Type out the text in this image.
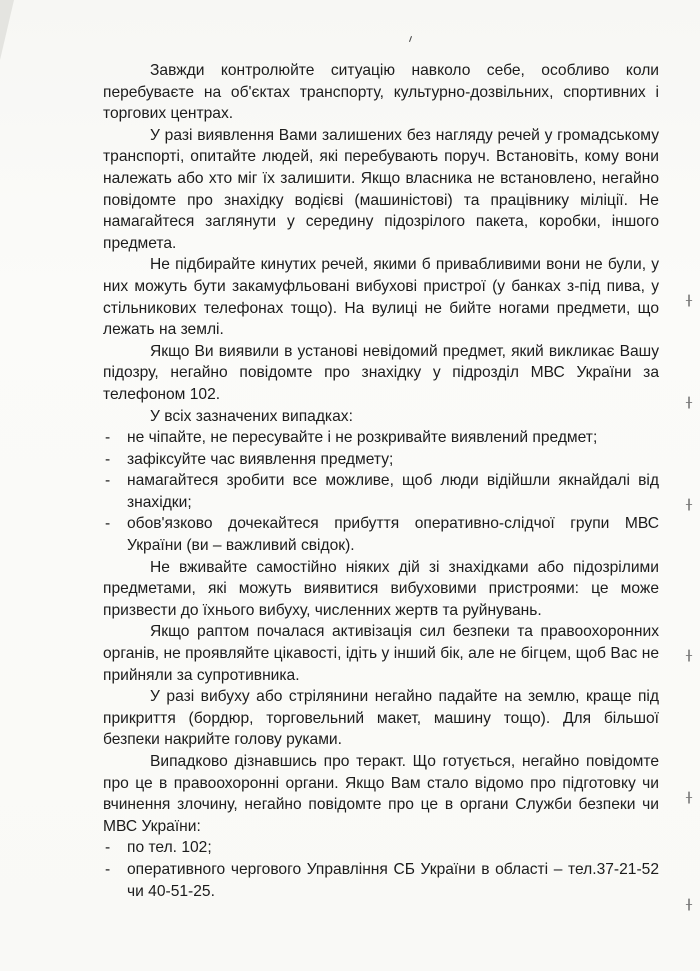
╂
╂
╂
╂
╂
╂

Завжди контролюйте ситуацію навколо себе, особливо коли перебуваєте на об'єктах транспорту, культурно-дозвільних, спортивних і торгових центрах.

У разі виявлення Вами залишених без нагляду речей у громадському транспорті, опитайте людей, які перебувають поруч. Встановіть, кому вони належать або хто міг їх залишити. Якщо власника не встановлено, негайно повідомте про знахідку водієві (машиністові) та працівнику міліції. Не намагайтеся заглянути у середину підозрілого пакета, коробки, іншого предмета.

Не підбирайте кинутих речей, якими б привабливими вони не були, у них можуть бути закамуфльовані вибухові пристрої (у банках з-під пива, у стільникових телефонах тощо). На вулиці не бийте ногами предмети, що лежать на землі.

Якщо Ви виявили в установі невідомий предмет, який викликає Вашу підозру, негайно повідомте про знахідку у підрозділ МВС України за телефоном 102.

У всіх зазначених випадках:

- не чіпайте, не пересувайте і не розкривайте виявлений предмет;
- зафіксуйте час виявлення предмету;
- намагайтеся зробити все можливе, щоб люди відійшли якнайдалі від знахідки;
- обов'язково дочекайтеся прибуття оперативно-слідчої групи МВС України (ви – важливий свідок).

Не вживайте самостійно ніяких дій зі знахідками або підозрілими предметами, які можуть виявитися вибуховими пристроями: це може призвести до їхнього вибуху, численних жертв та руйнувань.

Якщо раптом почалася активізація сил безпеки та правоохоронних органів, не проявляйте цікавості, ідіть у інший бік, але не бігцем, щоб Вас не прийняли за супротивника.

У разі вибуху або стрілянини негайно падайте на землю, краще під прикриття (бордюр, торговельний макет, машину тощо). Для більшої безпеки накрийте голову руками.

Випадково дізнавшись про теракт. Що готується, негайно повідомте про це в правоохоронні органи. Якщо Вам стало відомо про підготовку чи вчинення злочину, негайно повідомте про це в органи Служби безпеки чи МВС України:

- по тел. 102;
- оперативного чергового Управління СБ України в області – тел.37-21-52 чи 40-51-25.
